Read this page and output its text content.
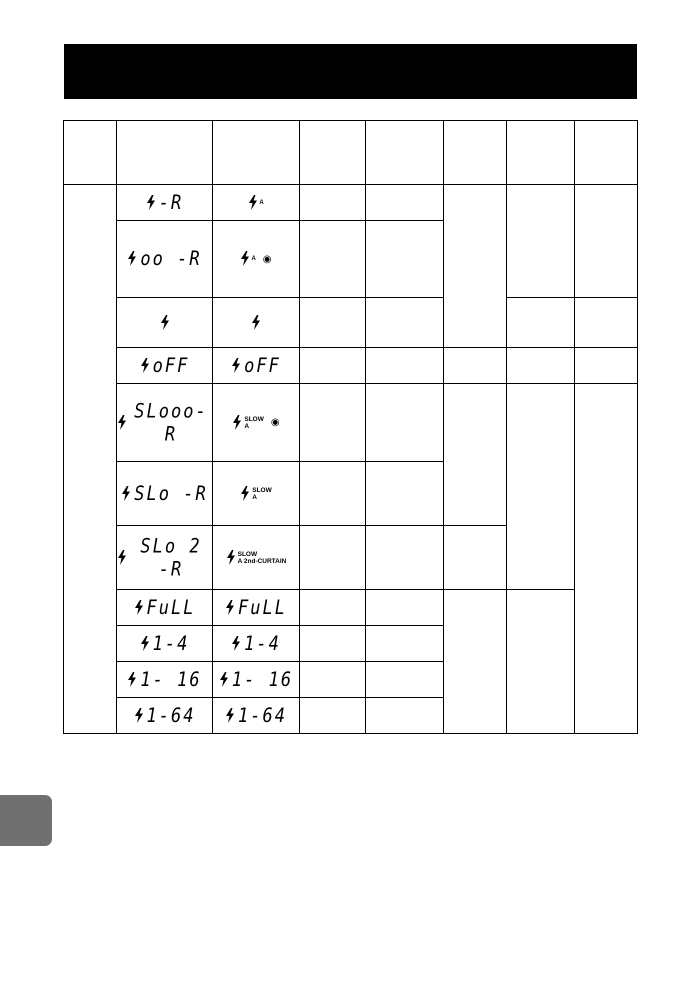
	-R	A					

	oo -R	A ◉					

	oFF	oFF					

	SLooo-R	SLOW
A ◉					

	SLo -R	SLOW
A					

	SLo 2 -R	SLOW
A 2nd-CURTAIN					

	FuLL	FuLL					

	1-4	1-4					

	1- 16	1- 16					

	1-64	1-64					
